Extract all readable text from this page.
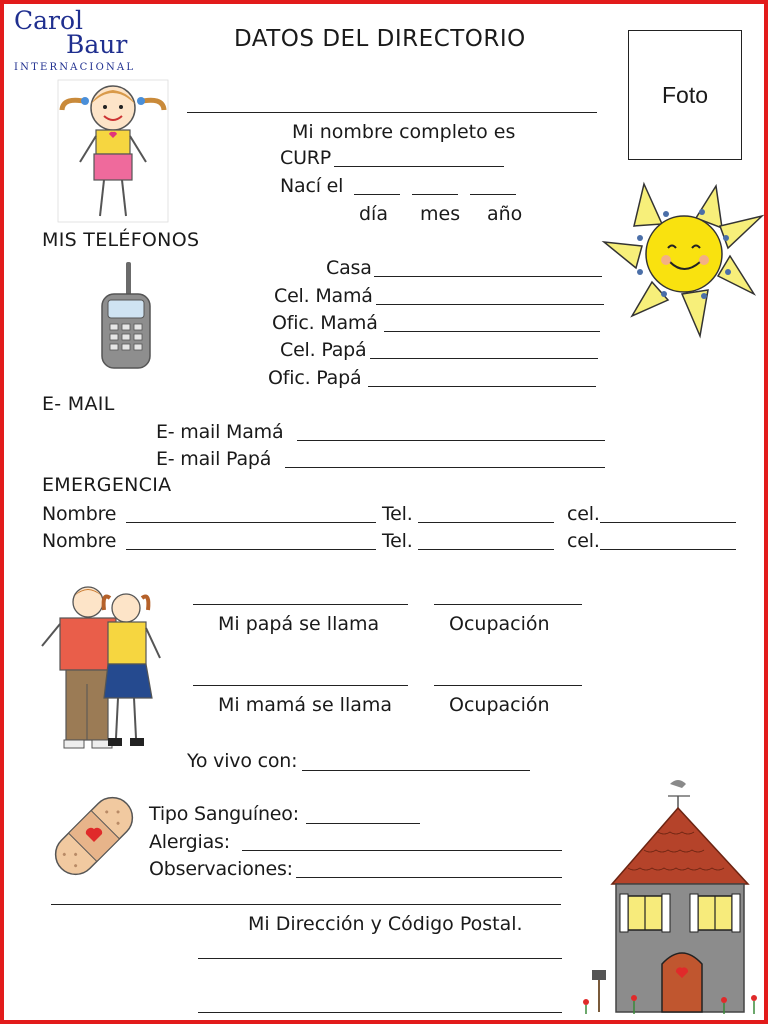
Carol
Baur
INTERNACIONAL
DATOS DEL DIRECTORIO
Foto
Mi nombre completo es
CURP
Nací el
día mes año
MIS TELÉFONOS
Casa
Cel. Mamá
Ofic. Mamá
Cel. Papá
Ofic. Papá
E- MAIL
E- mail Mamá
E- mail Papá
EMERGENCIA
Nombre	Tel.	cel.
Nombre	Tel.	cel.
Mi papá se llama	Ocupación
Mi mamá se llama	Ocupación
Yo vivo con:
Tipo Sanguíneo:
Alergias:
Observaciones:
Mi Dirección y Código Postal.
